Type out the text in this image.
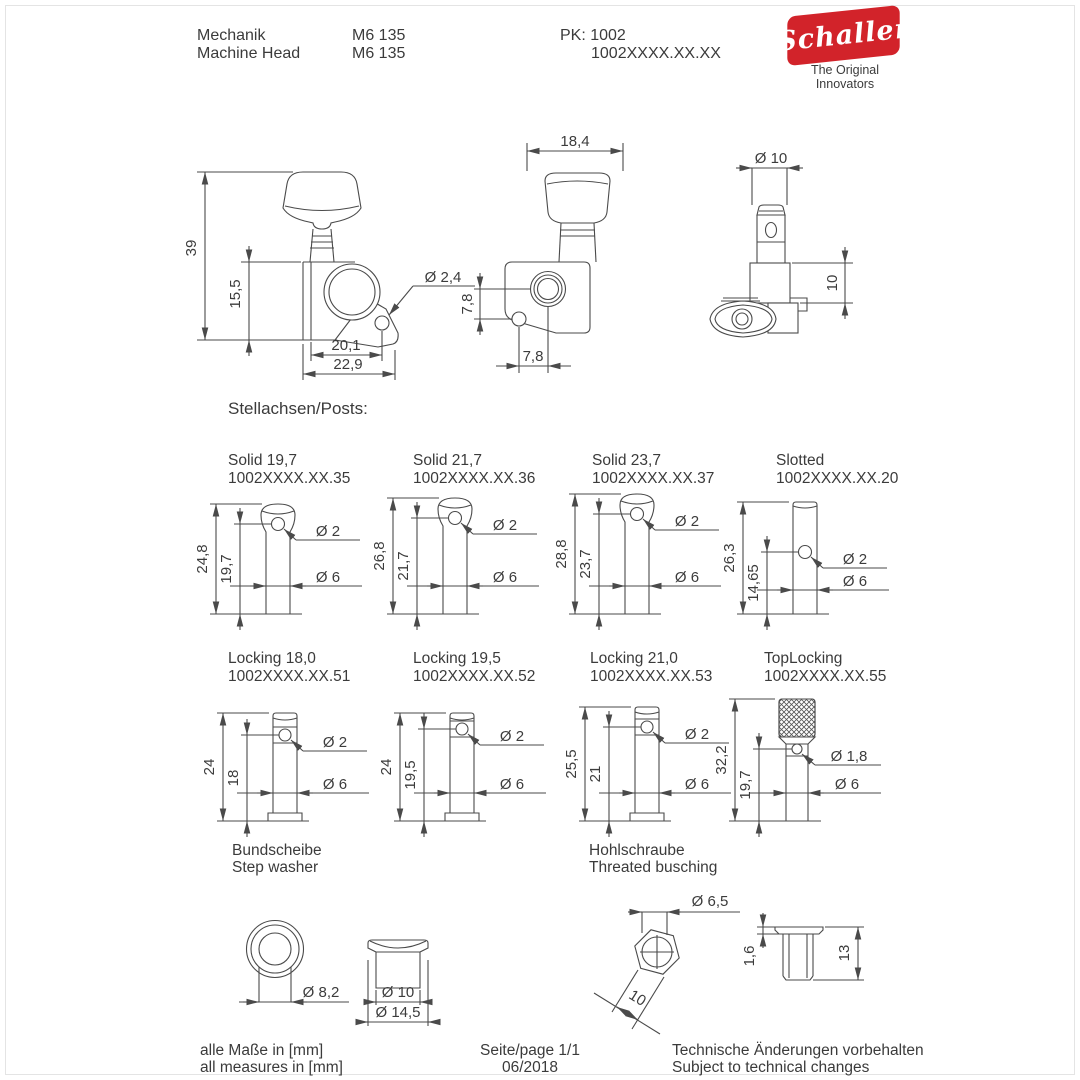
Mechanik
Machine Head
M6 135
M6 135
PK: 1002
1002XXXX.XX.XX Schaller
The Original Innovators
39
15,5
20,1
22,9
Ø 2,4
18,4
7,8
7,8
Ø 10
10
Stellachsen/Posts:
Solid 19,7
1002XXXX.XX.35
Solid 21,7
1002XXXX.XX.36
Solid 23,7
1002XXXX.XX.37
Slotted
1002XXXX.XX.20
24,8 19,7
Ø 2
Ø 6
26,8 21,7
Ø 2
Ø 6
28,8 23,7
Ø 2
Ø 6
26,3
14,65
Ø 2
Ø 6
Locking 18,0
1002XXXX.XX.51
Locking 19,5
1002XXXX.XX.52
Locking 21,0
1002XXXX.XX.53
TopLocking
1002XXXX.XX.55
24
18
Ø 2
Ø 6
24 19,5
Ø 2
Ø 6
25,5 21
Ø 2
Ø 6
32,2
19,7
Ø 1,8
Ø 6
Bundscheibe
Step washer
Hohlschraube
Threated busching
Ø 8,2	Ø 10
Ø 14,5
Ø 6,5
10
1,6	13
alle Maße in [mm]
all measures in [mm]
Seite/page 1/1
06/2018
Technische Änderungen vorbehalten
Subject to technical changes
